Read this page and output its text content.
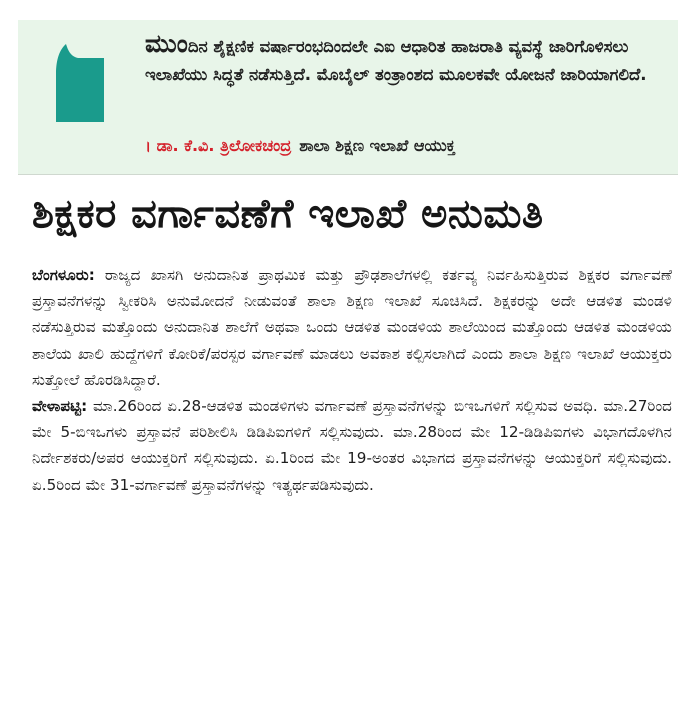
ಮುಂದಿನ ಶೈಕ್ಷಣಿಕ ವರ್ಷಾರಂಭದಿಂದಲೇ ಎಐ ಆಧಾರಿತ ಹಾಜರಾತಿ ವ್ಯವಸ್ಥೆ ಜಾರಿಗೊಳಿಸಲು ಇಲಾಖೆಯು ಸಿದ್ಧತೆ ನಡೆಸುತ್ತಿದೆ. ಮೊಬೈಲ್ ತಂತ್ರಾಂಶದ ಮೂಲಕವೇ ಯೋಜನೆ ಜಾರಿಯಾಗಲಿದೆ.

। ಡಾ. ಕೆ.ವಿ. ತ್ರಿಲೋಕಚಂದ್ರ ಶಾಲಾ ಶಿಕ್ಷಣ ಇಲಾಖೆ ಆಯುಕ್ತ
ಶಿಕ್ಷಕರ ವರ್ಗಾವಣೆಗೆ ಇಲಾಖೆ ಅನುಮತಿ

ಬೆಂಗಳೂರು: ರಾಜ್ಯದ ಖಾಸಗಿ ಅನುದಾನಿತ ಪ್ರಾಥಮಿಕ ಮತ್ತು ಪ್ರೌಢಶಾಲೆಗಳಲ್ಲಿ ಕರ್ತವ್ಯ ನಿರ್ವಹಿಸುತ್ತಿರುವ ಶಿಕ್ಷಕರ ವರ್ಗಾವಣೆ ಪ್ರಸ್ತಾವನೆಗಳನ್ನು ಸ್ವೀಕರಿಸಿ ಅನುಮೋದನೆ ನೀಡುವಂತೆ ಶಾಲಾ ಶಿಕ್ಷಣ ಇಲಾಖೆ ಸೂಚಿಸಿದೆ. ಶಿಕ್ಷಕರನ್ನು ಅದೇ ಆಡಳಿತ ಮಂಡಳಿ ನಡೆಸುತ್ತಿರುವ ಮತ್ತೊಂದು ಅನುದಾನಿತ ಶಾಲೆಗೆ ಅಥವಾ ಒಂದು ಆಡಳಿತ ಮಂಡಳಿಯ ಶಾಲೆಯಿಂದ ಮತ್ತೊಂದು ಆಡಳಿತ ಮಂಡಳಿಯ ಶಾಲೆಯ ಖಾಲಿ ಹುದ್ದೆಗಳಿಗೆ ಕೋರಿಕೆ/ಪರಸ್ಪರ ವರ್ಗಾವಣೆ ಮಾಡಲು ಅವಕಾಶ ಕಲ್ಪಿಸಲಾಗಿದೆ ಎಂದು ಶಾಲಾ ಶಿಕ್ಷಣ ಇಲಾಖೆ ಆಯುಕ್ತರು ಸುತ್ತೋಲೆ ಹೊರಡಿಸಿದ್ದಾರೆ.

ವೇಳಾಪಟ್ಟಿ: ಮಾ.26ರಿಂದ ಏ.28-ಆಡಳಿತ ಮಂಡಳಿಗಳು ವರ್ಗಾವಣೆ ಪ್ರಸ್ತಾವನೆಗಳನ್ನು ಬಿಇಒಗಳಿಗೆ ಸಲ್ಲಿಸುವ ಅವಧಿ. ಮಾ.27ರಿಂದ ಮೇ 5-ಬಿಇಒಗಳು ಪ್ರಸ್ತಾವನೆ ಪರಿಶೀಲಿಸಿ ಡಿಡಿಪಿಐಗಳಿಗೆ ಸಲ್ಲಿಸುವುದು. ಮಾ.28ರಿಂದ ಮೇ 12-ಡಿಡಿಪಿಐಗಳು ವಿಭಾಗದೊಳಗಿನ ನಿರ್ದೇಶಕರು/ಅಪರ ಆಯುಕ್ತರಿಗೆ ಸಲ್ಲಿಸುವುದು. ಏ.1ರಿಂದ ಮೇ 19-ಅಂತರ ವಿಭಾಗದ ಪ್ರಸ್ತಾವನೆಗಳನ್ನು ಆಯುಕ್ತರಿಗೆ ಸಲ್ಲಿಸುವುದು. ಏ.5ರಿಂದ ಮೇ 31-ವರ್ಗಾವಣೆ ಪ್ರಸ್ತಾವನೆಗಳನ್ನು ಇತ್ಯರ್ಥಪಡಿಸುವುದು.
